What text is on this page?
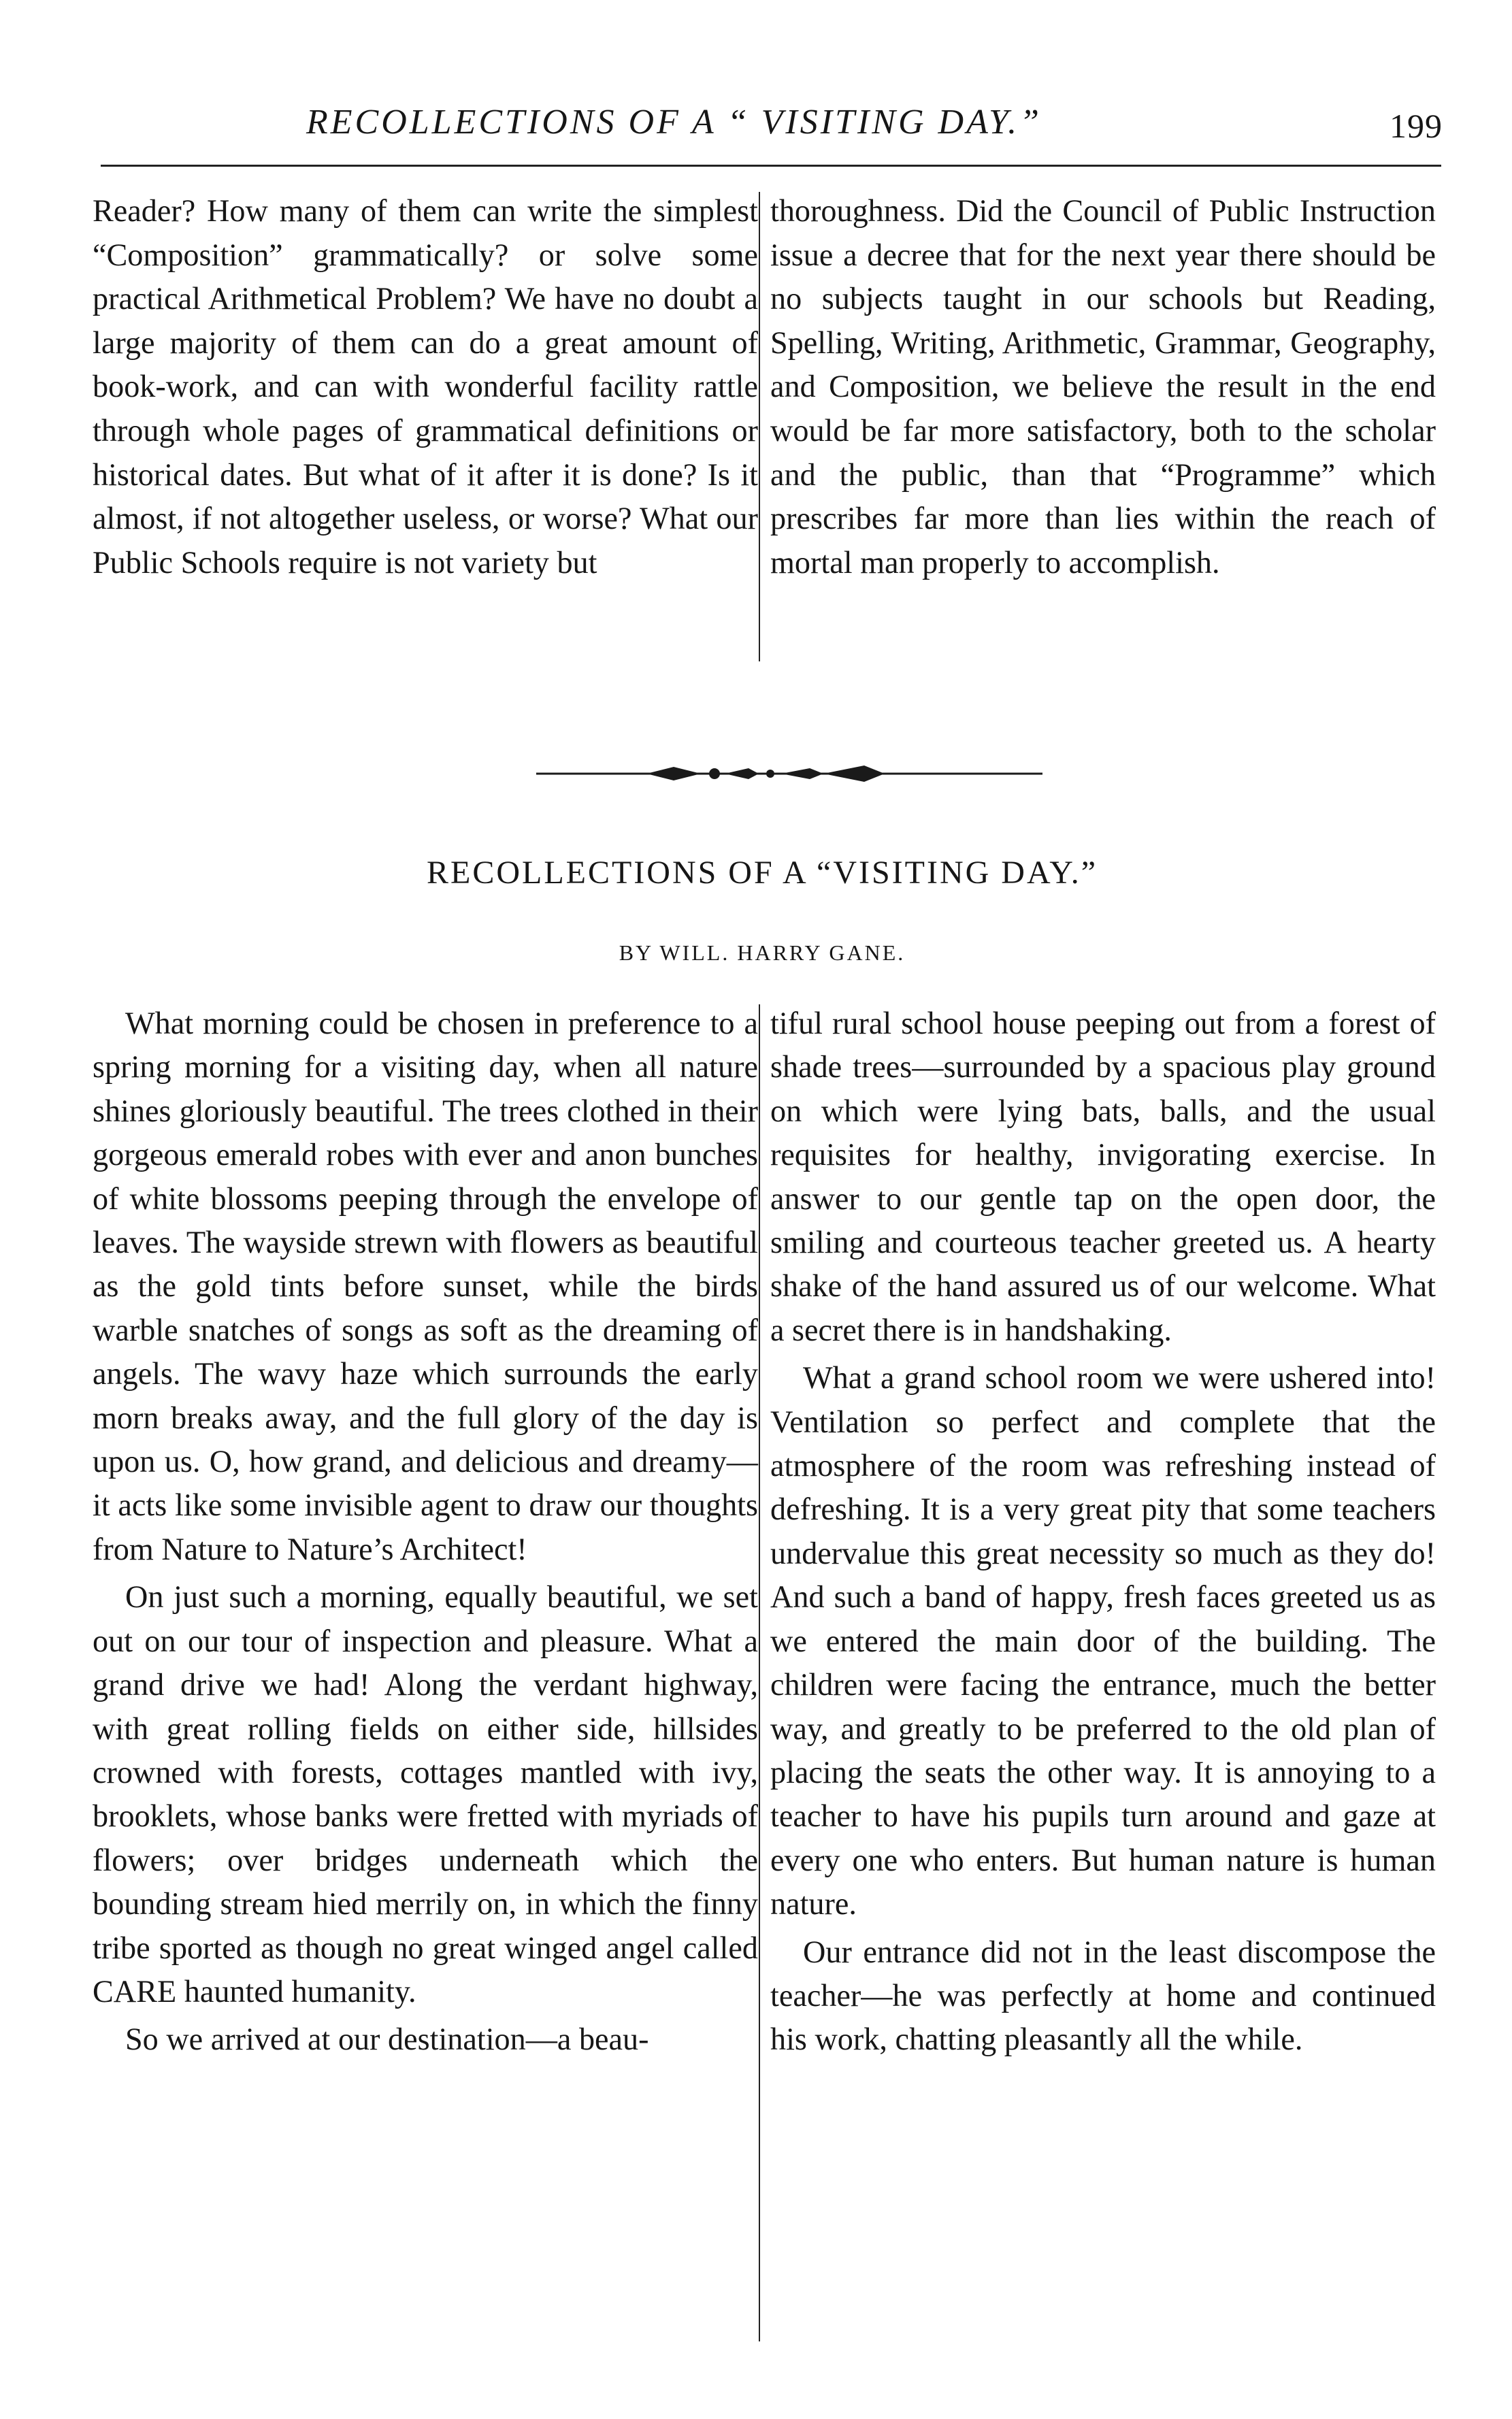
RECOLLECTIONS OF A “ VISITING DAY.”	199

Reader? How many of them can write the simplest “Composition” grammatically? or solve some practical Arithmetical Problem? We have no doubt a large majority of them can do a great amount of book-work, and can with wonderful facility rattle through whole pages of grammatical definitions or historical dates. But what of it after it is done? Is it almost, if not altogether useless, or worse? What our Public Schools require is not variety but

thoroughness. Did the Council of Public Instruction issue a decree that for the next year there should be no subjects taught in our schools but Reading, Spelling, Writing, Arithmetic, Grammar, Geography, and Composition, we believe the result in the end would be far more satisfactory, both to the scholar and the public, than that “Programme” which prescribes far more than lies within the reach of mortal man properly to accomplish.

RECOLLECTIONS OF A “VISITING DAY.”
BY WILL. HARRY GANE.

What morning could be chosen in preference to a spring morning for a visiting day, when all nature shines gloriously beautiful. The trees clothed in their gorgeous emerald robes with ever and anon bunches of white blossoms peeping through the envelope of leaves. The wayside strewn with flowers as beautiful as the gold tints before sunset, while the birds warble snatches of songs as soft as the dreaming of angels. The wavy haze which surrounds the early morn breaks away, and the full glory of the day is upon us. O, how grand, and delicious and dreamy—it acts like some invisible agent to draw our thoughts from Nature to Nature’s Architect!

On just such a morning, equally beautiful, we set out on our tour of inspection and pleasure. What a grand drive we had! Along the verdant highway, with great rolling fields on either side, hillsides crowned with forests, cottages mantled with ivy, brooklets, whose banks were fretted with myriads of flowers; over bridges underneath which the bounding stream hied merrily on, in which the finny tribe sported as though no great winged angel called CARE haunted humanity.

So we arrived at our destination—a beau-

tiful rural school house peeping out from a forest of shade trees—surrounded by a spacious play ground on which were lying bats, balls, and the usual requisites for healthy, invigorating exercise. In answer to our gentle tap on the open door, the smiling and courteous teacher greeted us. A hearty shake of the hand assured us of our welcome. What a secret there is in handshaking.

What a grand school room we were ushered into! Ventilation so perfect and complete that the atmosphere of the room was refreshing instead of defreshing. It is a very great pity that some teachers undervalue this great necessity so much as they do! And such a band of happy, fresh faces greeted us as we entered the main door of the building. The children were facing the entrance, much the better way, and greatly to be preferred to the old plan of placing the seats the other way. It is annoying to a teacher to have his pupils turn around and gaze at every one who enters. But human nature is human nature.

Our entrance did not in the least discompose the teacher—he was perfectly at home and continued his work, chatting pleasantly all the while.
